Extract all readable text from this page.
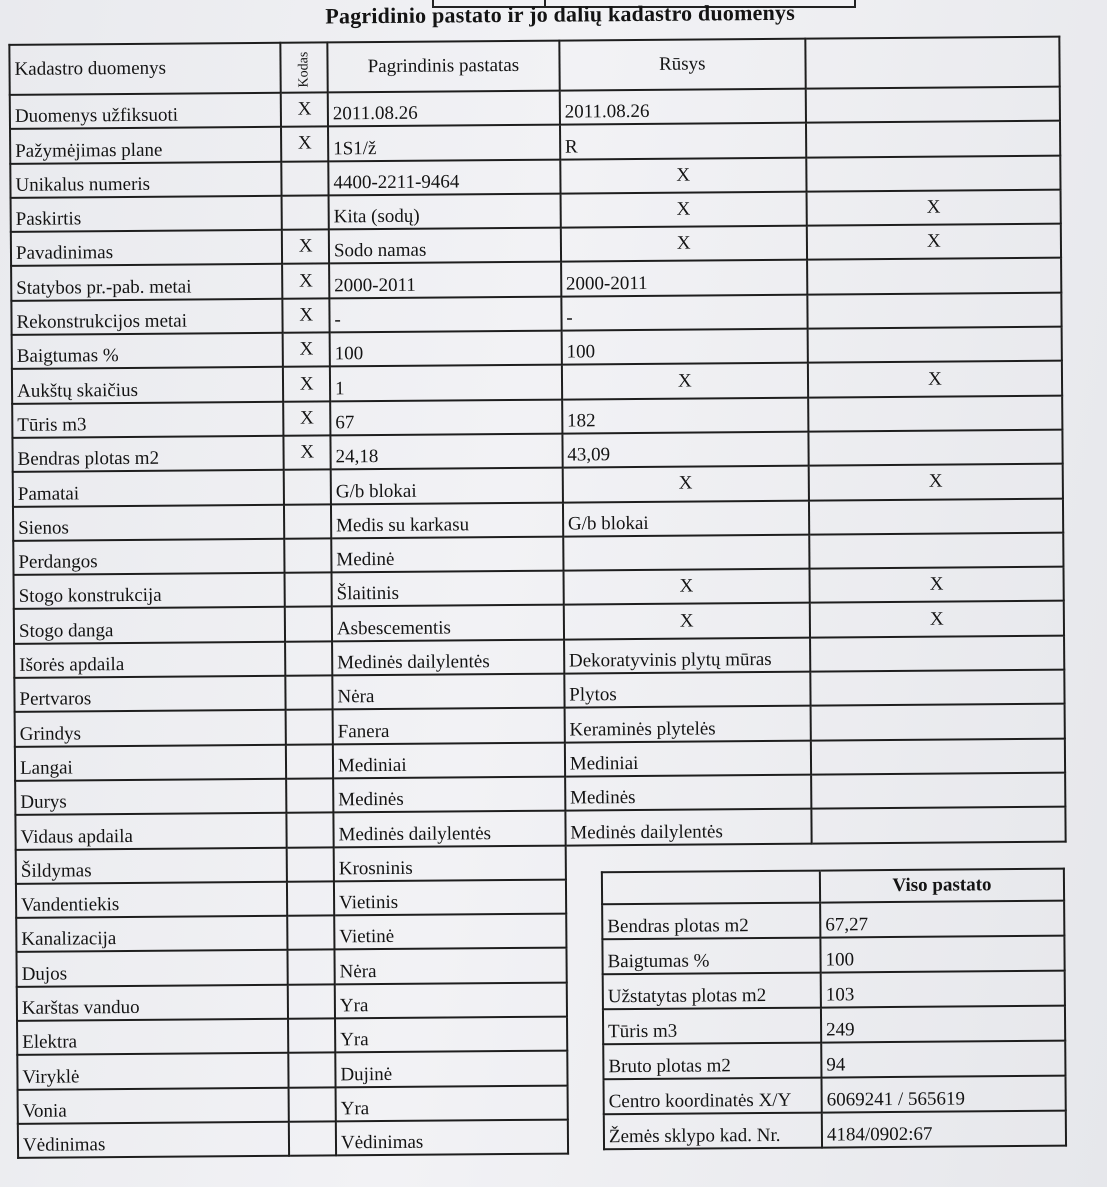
Pagridinio pastato ir jo dalių kadastro duomenys
Kadastro duomenys	Kodas	Pagrindinis pastatas	Rūsys	
Duomenys užfiksuoti	X	2011.08.26	2011.08.26	
Pažymėjimas plane	X	1S1/ž	R	
Unikalus numeris		4400-2211-9464	X	
Paskirtis		Kita (sodų)	X	X
Pavadinimas	X	Sodo namas	X	X
Statybos pr.-pab. metai	X	2000-2011	2000-2011	
Rekonstrukcijos metai	X	-	-	
Baigtumas %	X	100	100	
Aukštų skaičius	X	1	X	X
Tūris m3	X	67	182	
Bendras plotas m2	X	24,18	43,09	
Pamatai		G/b blokai	X	X
Sienos		Medis su karkasu	G/b blokai	
Perdangos		Medinė		
Stogo konstrukcija		Šlaitinis	X	X
Stogo danga		Asbescementis	X	X
Išorės apdaila		Medinės dailylentės	Dekoratyvinis plytų mūras	
Pertvaros		Nėra	Plytos	
Grindys		Fanera	Keraminės plytelės	
Langai		Mediniai	Mediniai	
Durys		Medinės	Medinės	
Vidaus apdaila		Medinės dailylentės	Medinės dailylentės	
Šildymas		Krosninis		
Vandentiekis		Vietinis		
Kanalizacija		Vietinė		
Dujos		Nėra		
Karštas vanduo		Yra		
Elektra		Yra		
Viryklė		Dujinė		
Vonia		Yra		
Vėdinimas		Vėdinimas		
	Viso pastato
Bendras plotas m2	67,27
Baigtumas %	100
Užstatytas plotas m2	103
Tūris m3	249
Bruto plotas m2	94
Centro koordinatės X/Y	6069241 / 565619
Žemės sklypo kad. Nr.	4184/0902:67
